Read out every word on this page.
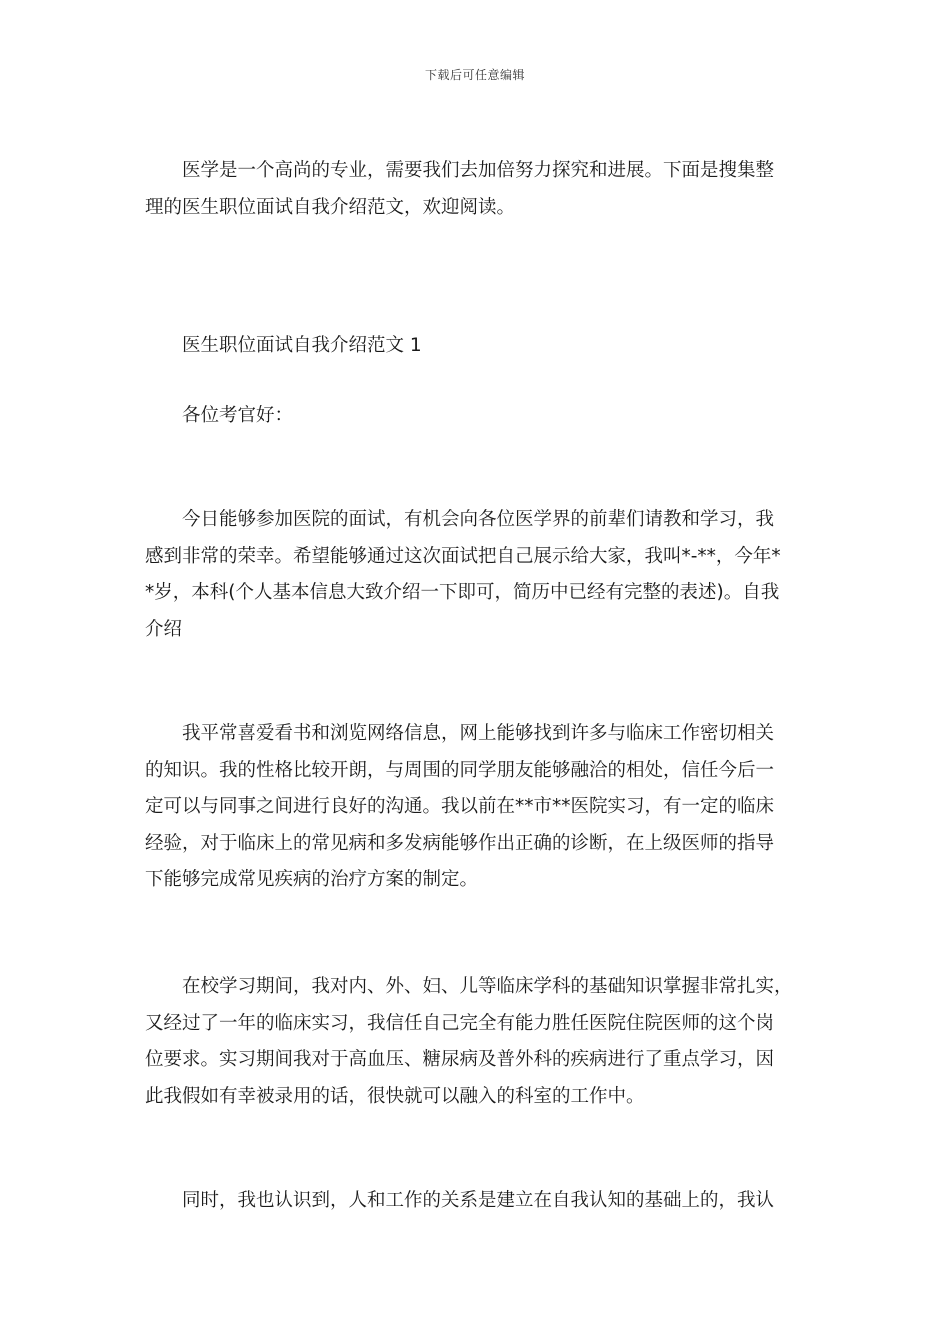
下载后可任意编辑
医学是一个高尚的专业，需要我们去加倍努力探究和进展。下面是搜集整
理的医生职位面试自我介绍范文，欢迎阅读。
医生职位面试自我介绍范文 1
各位考官好：
今日能够参加医院的面试，有机会向各位医学界的前辈们请教和学习，我
感到非常的荣幸。希望能够通过这次面试把自己展示给大家，我叫*-**，今年*
*岁，本科(个人基本信息大致介绍一下即可，简历中已经有完整的表述)。自我
介绍
我平常喜爱看书和浏览网络信息，网上能够找到许多与临床工作密切相关
的知识。我的性格比较开朗，与周围的同学朋友能够融洽的相处，信任今后一
定可以与同事之间进行良好的沟通。我以前在**市**医院实习，有一定的临床
经验，对于临床上的常见病和多发病能够作出正确的诊断，在上级医师的指导
下能够完成常见疾病的治疗方案的制定。
在校学习期间，我对内、外、妇、儿等临床学科的基础知识掌握非常扎实，
又经过了一年的临床实习，我信任自己完全有能力胜任医院住院医师的这个岗
位要求。实习期间我对于高血压、糖尿病及普外科的疾病进行了重点学习，因
此我假如有幸被录用的话，很快就可以融入的科室的工作中。
同时，我也认识到，人和工作的关系是建立在自我认知的基础上的，我认
